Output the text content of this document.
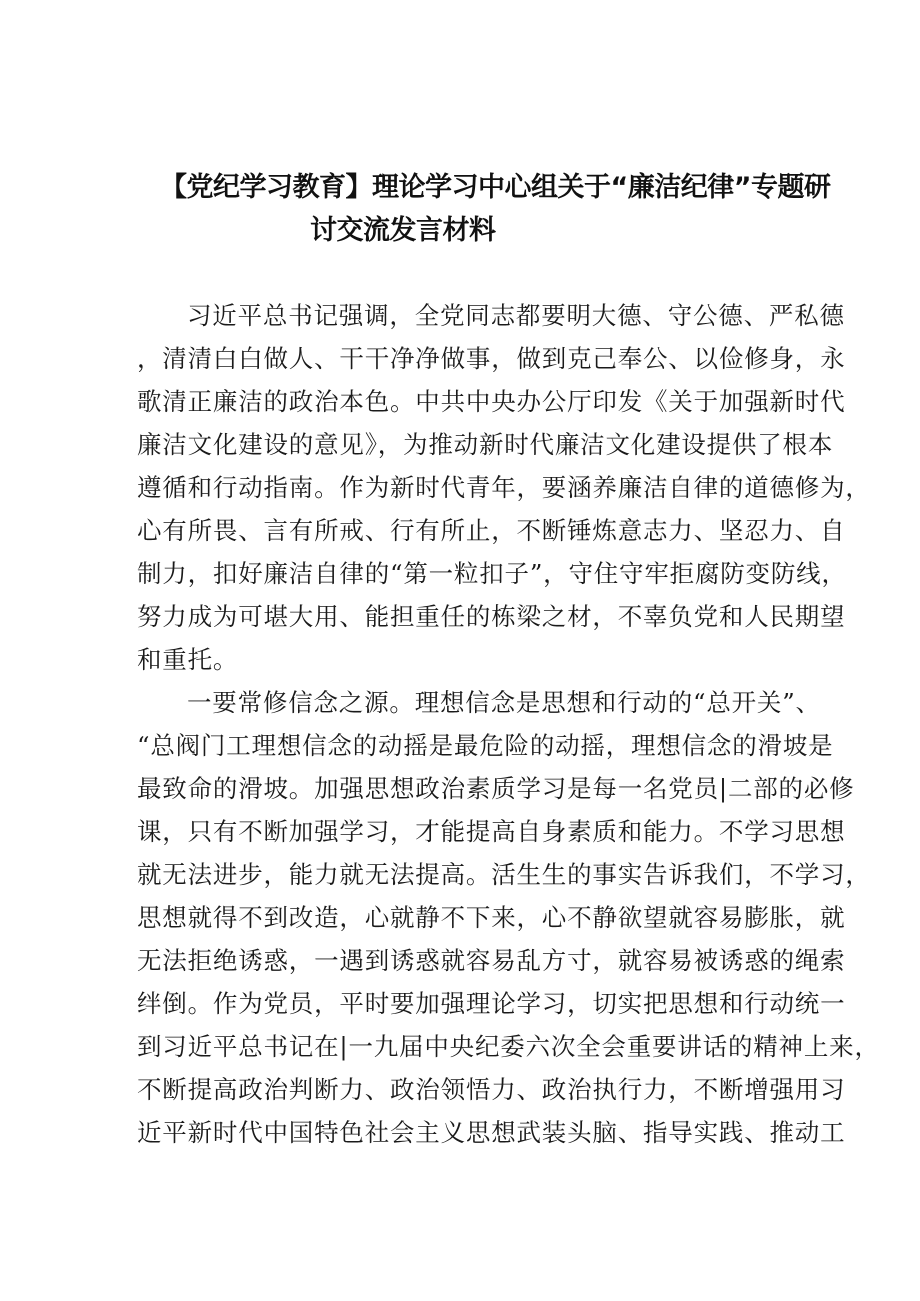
【党纪学习教育】理论学习中心组关于“廉洁纪律”专题研
讨交流发言材料
习近平总书记强调，全党同志都要明大德、守公德、严私德
，清清白白做人、干干净净做事，做到克己奉公、以俭修身，永
歌清正廉洁的政治本色。中共中央办公厅印发《关于加强新时代
廉洁文化建设的意见》，为推动新时代廉洁文化建设提供了根本
遵循和行动指南。作为新时代青年，要涵养廉洁自律的道德修为，
心有所畏、言有所戒、行有所止，不断锤炼意志力、坚忍力、自
制力，扣好廉洁自律的“第一粒扣子”，守住守牢拒腐防变防线，
努力成为可堪大用、能担重任的栋梁之材，不辜负党和人民期望
和重托。
一要常修信念之源。理想信念是思想和行动的“总开关”、
“总阀门工理想信念的动摇是最危险的动摇，理想信念的滑坡是
最致命的滑坡。加强思想政治素质学习是每一名党员|二部的必修
课，只有不断加强学习，才能提高自身素质和能力。不学习思想
就无法进步，能力就无法提高。活生生的事实告诉我们，不学习，
思想就得不到改造，心就静不下来，心不静欲望就容易膨胀，就
无法拒绝诱惑，一遇到诱惑就容易乱方寸，就容易被诱惑的绳索
绊倒。作为党员，平时要加强理论学习，切实把思想和行动统一
到习近平总书记在|一九届中央纪委六次全会重要讲话的精神上来，
不断提高政治判断力、政治领悟力、政治执行力，不断增强用习
近平新时代中国特色社会主义思想武装头脑、指导实践、推动工
